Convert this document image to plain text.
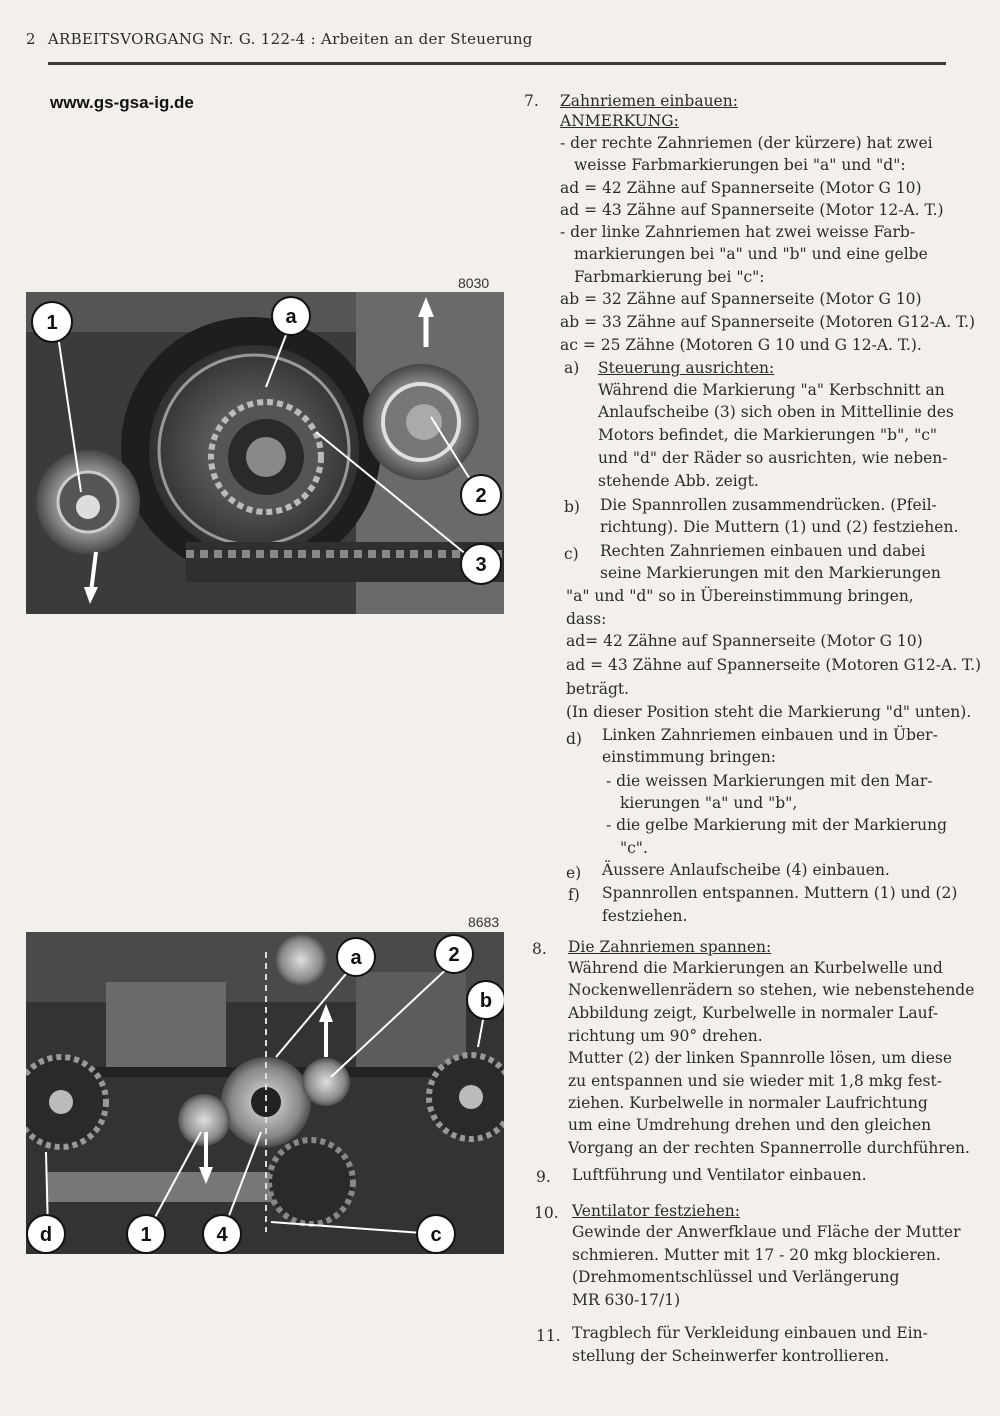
2 ARBEITSVORGANG Nr. G. 122-4 : Arbeiten an der Steuerung
www.gs-gsa-ig.de
8030
1	a
2
3
8683
a	2
b
d	1	4	c
7. Zahnriemen einbauen:
ANMERKUNG:
- der rechte Zahnriemen (der kürzere) hat zwei
weisse Farbmarkierungen bei "a" und "d":
ad = 42 Zähne auf Spannerseite (Motor G 10)
ad = 43 Zähne auf Spannerseite (Motor 12-A. T.)
- der linke Zahnriemen hat zwei weisse Farb-
markierungen bei "a" und "b" und eine gelbe
Farbmarkierung bei "c":
ab = 32 Zähne auf Spannerseite (Motor G 10)
ab = 33 Zähne auf Spannerseite (Motoren G12-A. T.)
ac = 25 Zähne (Motoren G 10 und G 12-A. T.).
a) Steuerung ausrichten:
Während die Markierung "a" Kerbschnitt an
Anlaufscheibe (3) sich oben in Mittellinie des
Motors befindet, die Markierungen "b", "c"
und "d" der Räder so ausrichten, wie neben-
stehende Abb. zeigt.
b) Die Spannrollen zusammendrücken. (Pfeil-
richtung). Die Muttern (1) und (2) festziehen.
c) Rechten Zahnriemen einbauen und dabei
seine Markierungen mit den Markierungen
"a" und "d" so in Übereinstimmung bringen,
dass:
ad= 42 Zähne auf Spannerseite (Motor G 10)
ad = 43 Zähne auf Spannerseite (Motoren G12-A. T.)
beträgt.
(In dieser Position steht die Markierung "d" unten).
d) Linken Zahnriemen einbauen und in Über-
einstimmung bringen:
- die weissen Markierungen mit den Mar-
kierungen "a" und "b",
- die gelbe Markierung mit der Markierung
"c".
e) Äussere Anlaufscheibe (4) einbauen.
f) Spannrollen entspannen. Muttern (1) und (2)
festziehen.
8. Die Zahnriemen spannen:
Während die Markierungen an Kurbelwelle und
Nockenwellenrädern so stehen, wie nebenstehende
Abbildung zeigt, Kurbelwelle in normaler Lauf-
richtung um 90° drehen.
Mutter (2) der linken Spannrolle lösen, um diese
zu entspannen und sie wieder mit 1,8 mkg fest-
ziehen. Kurbelwelle in normaler Laufrichtung
um eine Umdrehung drehen und den gleichen
Vorgang an der rechten Spannerrolle durchführen.
9. Luftführung und Ventilator einbauen.
10. Ventilator festziehen:
Gewinde der Anwerfklaue und Fläche der Mutter
schmieren. Mutter mit 17 - 20 mkg blockieren.
(Drehmomentschlüssel und Verlängerung
MR 630-17/1)
11. Tragblech für Verkleidung einbauen und Ein-
stellung der Scheinwerfer kontrollieren.
